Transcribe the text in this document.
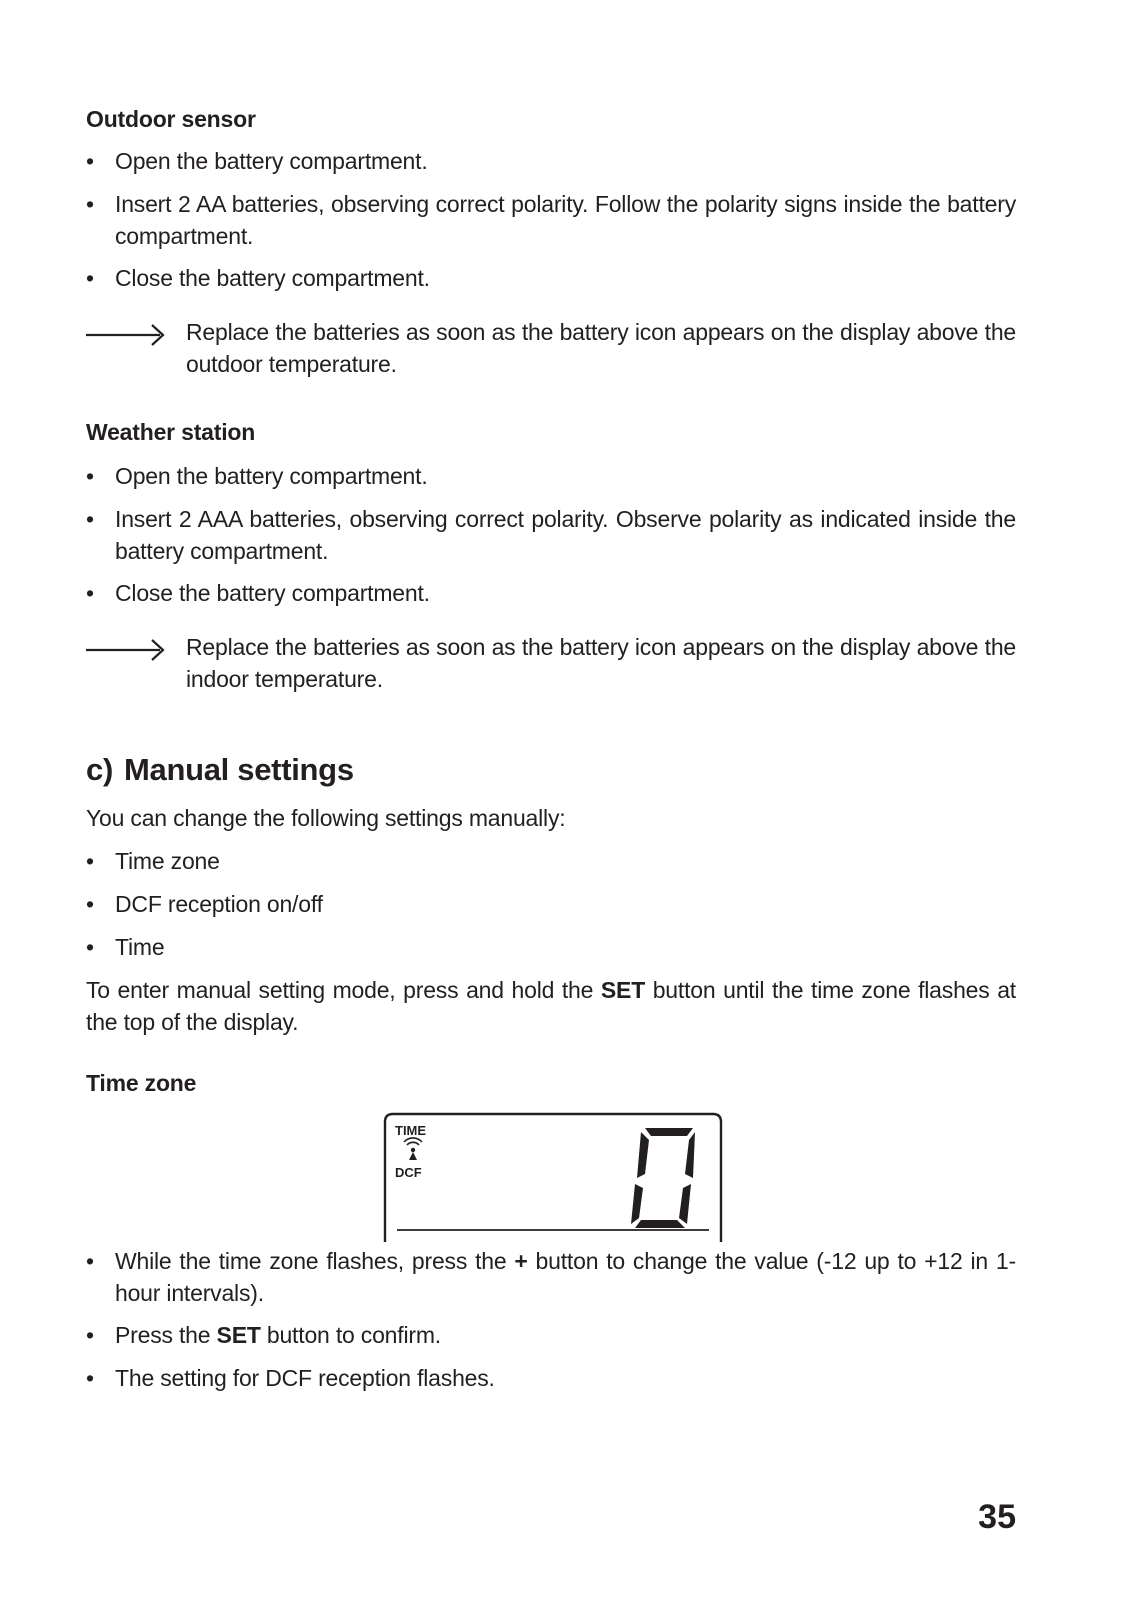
Outdoor sensor
• Open the battery compartment.
• Insert 2 AA batteries, observing correct polarity. Follow the polarity signs inside the battery compartment.
• Close the battery compartment.
Replace the batteries as soon as the battery icon appears on the display above the outdoor temperature.
Weather station
• Open the battery compartment.
• Insert 2 AAA batteries, observing correct polarity. Observe polarity as indicated inside the battery compartment.
• Close the battery compartment.
Replace the batteries as soon as the battery icon appears on the display above the indoor temperature.
c) Manual settings
You can change the following settings manually:
• Time zone
• DCF reception on/off
• Time
To enter manual setting mode, press and hold the SET button until the time zone flashes at the top of the display.
Time zone
TIME
DCF
0
• While the time zone flashes, press the + button to change the value (-12 up to +12 in 1-hour intervals).
• Press the SET button to confirm.
• The setting for DCF reception flashes.
35
